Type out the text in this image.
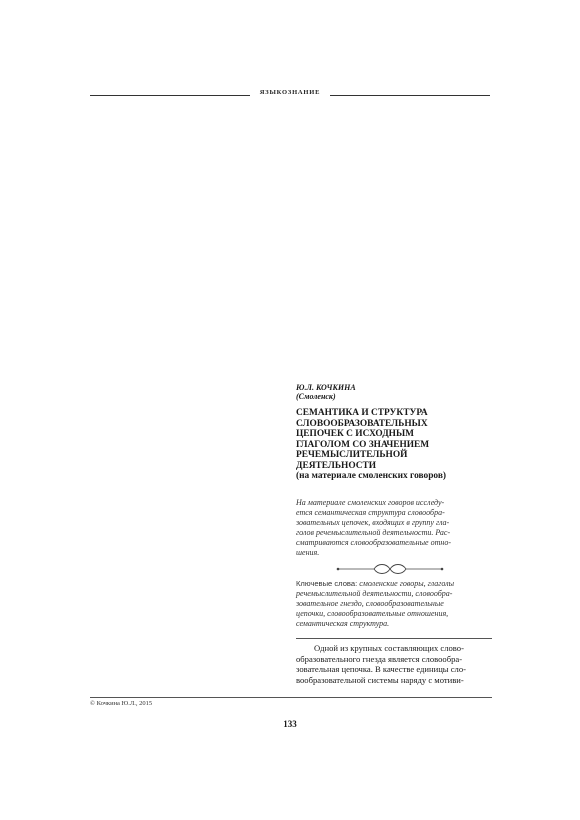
ЯЗЫКОЗНАНИЕ
Ю.Л. КОЧКИНА
(Смоленск)
СЕМАНТИКА И СТРУКТУРА
СЛОВООБРАЗОВАТЕЛЬНЫХ
ЦЕПОЧЕК С ИСХОДНЫМ
ГЛАГОЛОМ СО ЗНАЧЕНИЕМ
РЕЧЕМЫСЛИТЕЛЬНОЙ
ДЕЯТЕЛЬНОСТИ
(на материале смоленских говоров)
На материале смоленских говоров исследу-
ется семантическая структура словообра-
зовательных цепочек, входящих в группу гла-
голов речемыслительной деятельности. Рас-
сматриваются словообразовательные отно-
шения.
Ключевые слова: смоленские говоры, глаголы
речемыслительной деятельности, словообра-
зовательное гнездо, словообразовательные
цепочки, словообразовательные отношения,
семантическая структура.
Одной из крупных составляющих слово-
образовательного гнезда является словообра-
зовательная цепочка. В качестве единицы сло-
вообразовательной системы наряду с мотиви-
© Кочкина Ю.Л., 2015
133
